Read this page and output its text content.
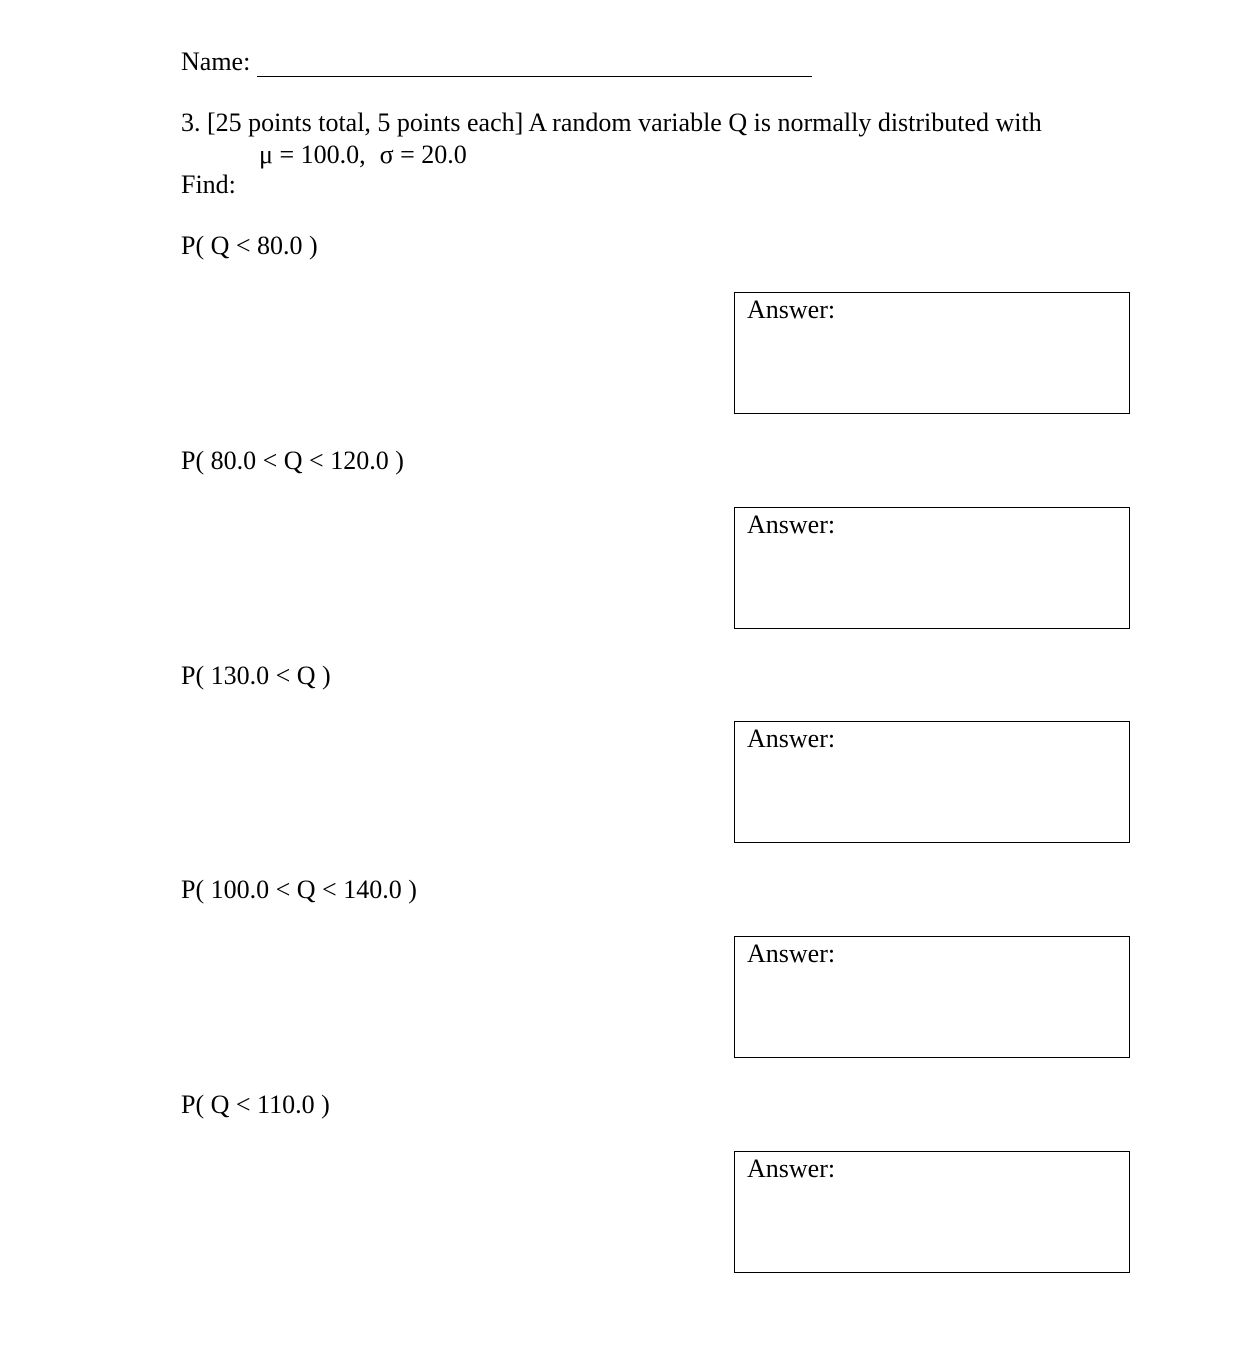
Name:
3. [25 points total, 5 points each] A random variable Q is normally distributed with
μ = 100.0, σ = 20.0
Find:
P( Q < 80.0 )
Answer:
P( 80.0 < Q < 120.0 )
Answer:
P( 130.0 < Q )
Answer:
P( 100.0 < Q < 140.0 )
Answer:
P( Q < 110.0 )
Answer:
